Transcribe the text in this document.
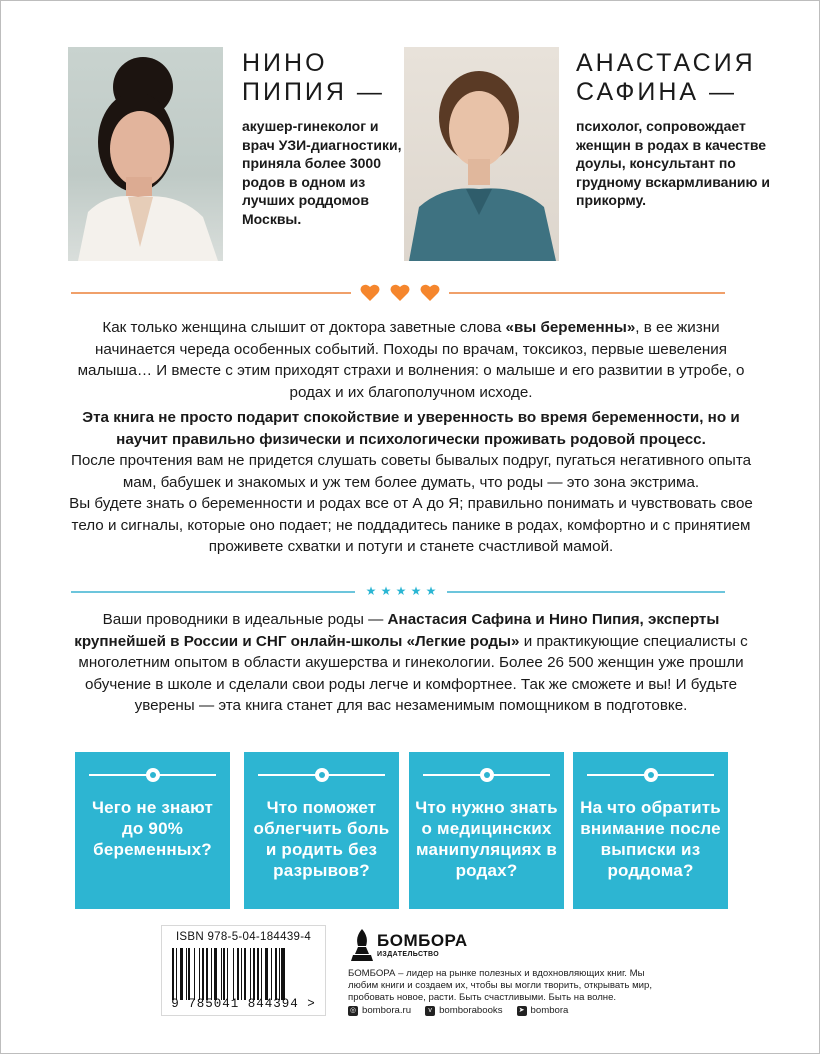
НИНО
ПИПИЯ —
акушер-гинеколог и врач УЗИ-диагностики, приняла более 3000 родов в одном из лучших роддомов Москвы.
АНАСТАСИЯ
САФИНА —
психолог, сопровождает женщин в родах в качестве доулы, консультант по грудному вскармливанию и прикорму.

Как только женщина слышит от доктора заветные слова «вы беременны», в ее жизни начинается череда особенных событий. Походы по врачам, токсикоз, первые шевеления малыша… И вместе с этим приходят страхи и волнения: о малыше и его развитии в утробе, о родах и их благополучном исходе.

Эта книга не просто подарит спокойствие и уверенность во время беременности, но и научит правильно физически и психологически проживать родовой процесс.

После прочтения вам не придется слушать советы бывалых подруг, пугаться негативного опыта мам, бабушек и знакомых и уж тем более думать, что роды — это зона экстрима.

Вы будете знать о беременности и родах все от А до Я; правильно понимать и чувствовать свое тело и сигналы, которые оно подает; не поддадитесь панике в родах, комфортно и с принятием проживете схватки и потуги и станете счастливой мамой.

★ ★ ★ ★ ★

Ваши проводники в идеальные роды — Анастасия Сафина и Нино Пипия, эксперты крупнейшей в России и СНГ онлайн-школы «Легкие роды» и практикующие специалисты с многолетним опытом в области акушерства и гинекологии. Более 26 500 женщин уже прошли обучение в школе и сделали свои роды легче и комфортнее. Так же сможете и вы! И будьте уверены — эта книга станет для вас незаменимым помощником в подготовке.

Чего не знают до 90% беременных?
Что поможет облегчить боль и родить без разрывов?
Что нужно знать о медицинских манипуляциях в родах?
На что обратить внимание после выписки из роддома?
ISBN 978-5-04-184439-4
9 785041 844394 >
БОМБОРА
ИЗДАТЕЛЬСТВО
БОМБОРА – лидер на рынке полезных и вдохновляющих книг. Мы любим книги и создаем их, чтобы вы могли творить, открывать мир, пробовать новое, расти. Быть счастливыми. Быть на волне.
◎ bombora.ru	v bomborabooks ➤ bombora
